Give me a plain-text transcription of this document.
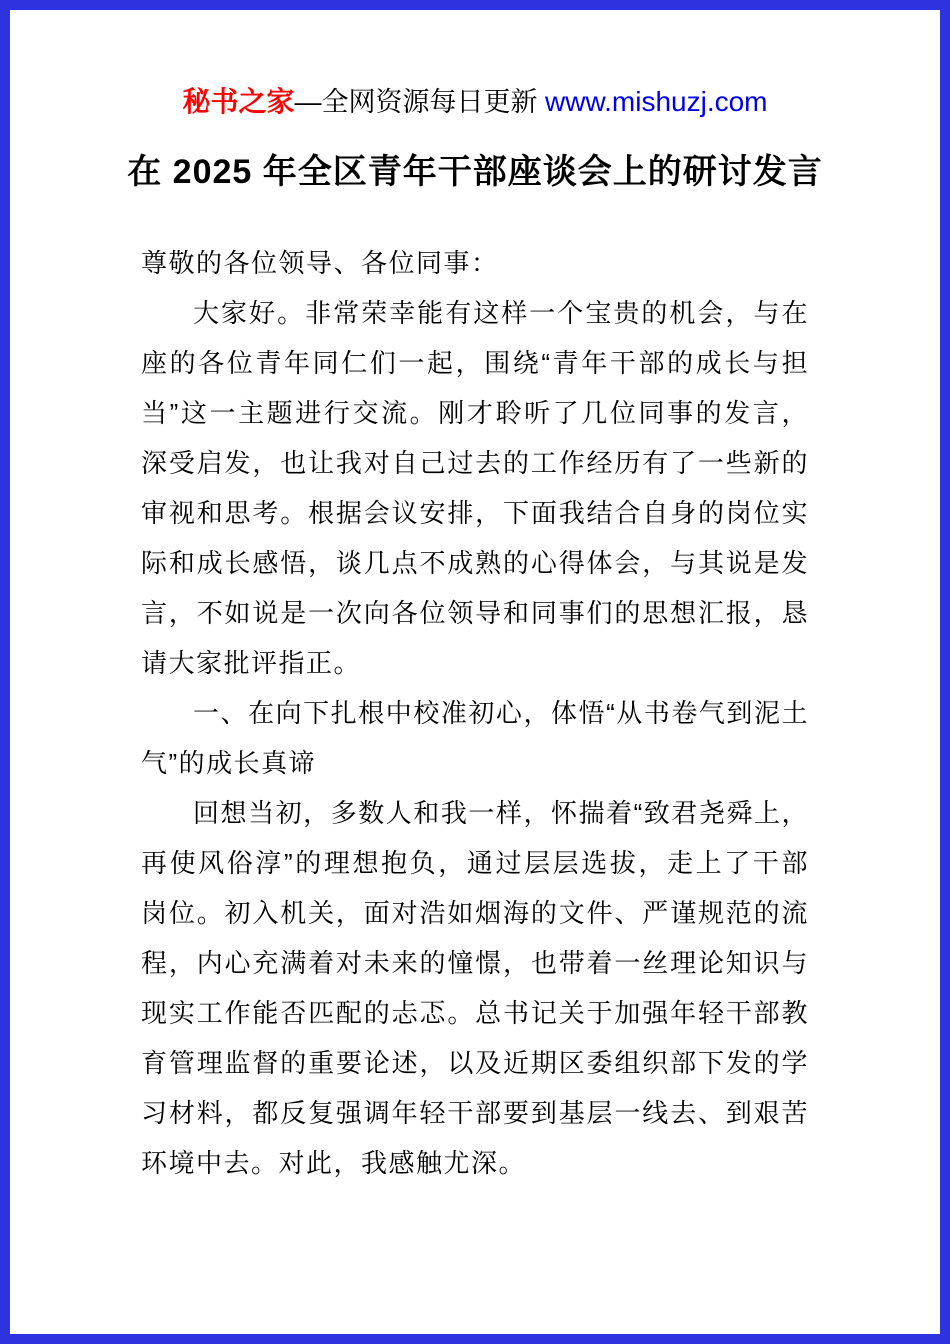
秘书之家—全网资源每日更新 www.mishuzj.com
在 2025 年全区青年干部座谈会上的研讨发言

尊敬的各位领导、各位同事：

大家好。非常荣幸能有这样一个宝贵的机会，与在座的各位青年同仁们一起，围绕“青年干部的成长与担当”这一主题进行交流。刚才聆听了几位同事的发言，深受启发，也让我对自己过去的工作经历有了一些新的审视和思考。根据会议安排，下面我结合自身的岗位实际和成长感悟，谈几点不成熟的心得体会，与其说是发言，不如说是一次向各位领导和同事们的思想汇报，恳请大家批评指正。

一、在向下扎根中校准初心，体悟“从书卷气到泥土气”的成长真谛

回想当初，多数人和我一样，怀揣着“致君尧舜上，再使风俗淳”的理想抱负，通过层层选拔，走上了干部岗位。初入机关，面对浩如烟海的文件、严谨规范的流程，内心充满着对未来的憧憬，也带着一丝理论知识与现实工作能否匹配的忐忑。总书记关于加强年轻干部教育管理监督的重要论述，以及近期区委组织部下发的学习材料，都反复强调年轻干部要到基层一线去、到艰苦环境中去。对此，我感触尤深。
